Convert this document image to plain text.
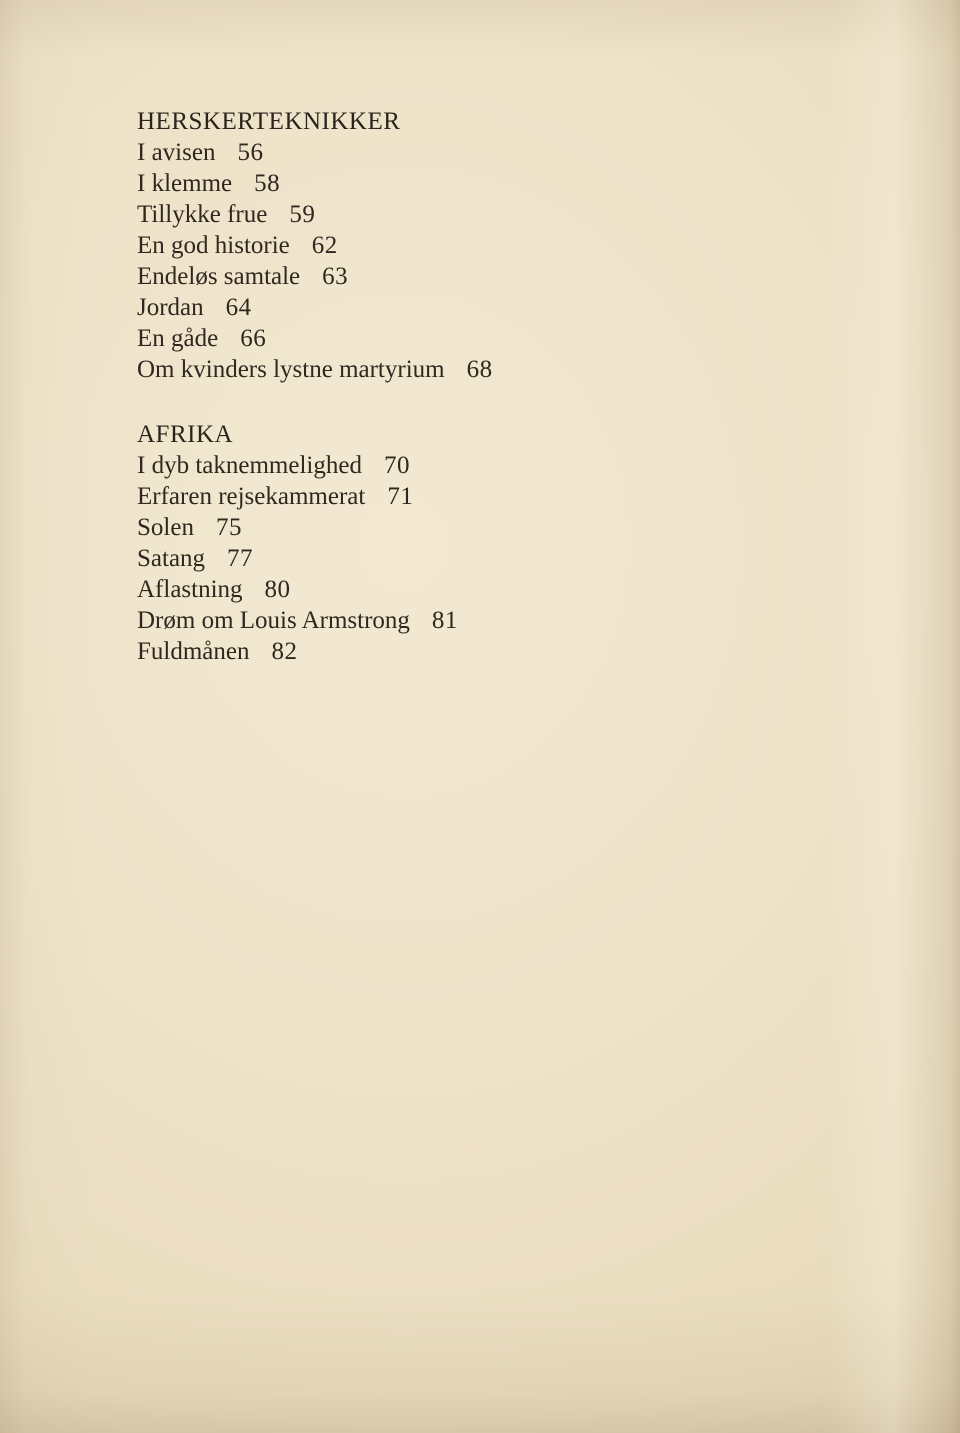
HERSKERTEKNIKKER
I avisen 56
I klemme 58
Tillykke frue 59
En god historie 62
Endeløs samtale 63
Jordan 64
En gåde 66
Om kvinders lystne martyrium 68
AFRIKA
I dyb taknemmelighed 70
Erfaren rejsekammerat 71
Solen 75
Satang 77
Aflastning 80
Drøm om Louis Armstrong 81
Fuldmånen 82
